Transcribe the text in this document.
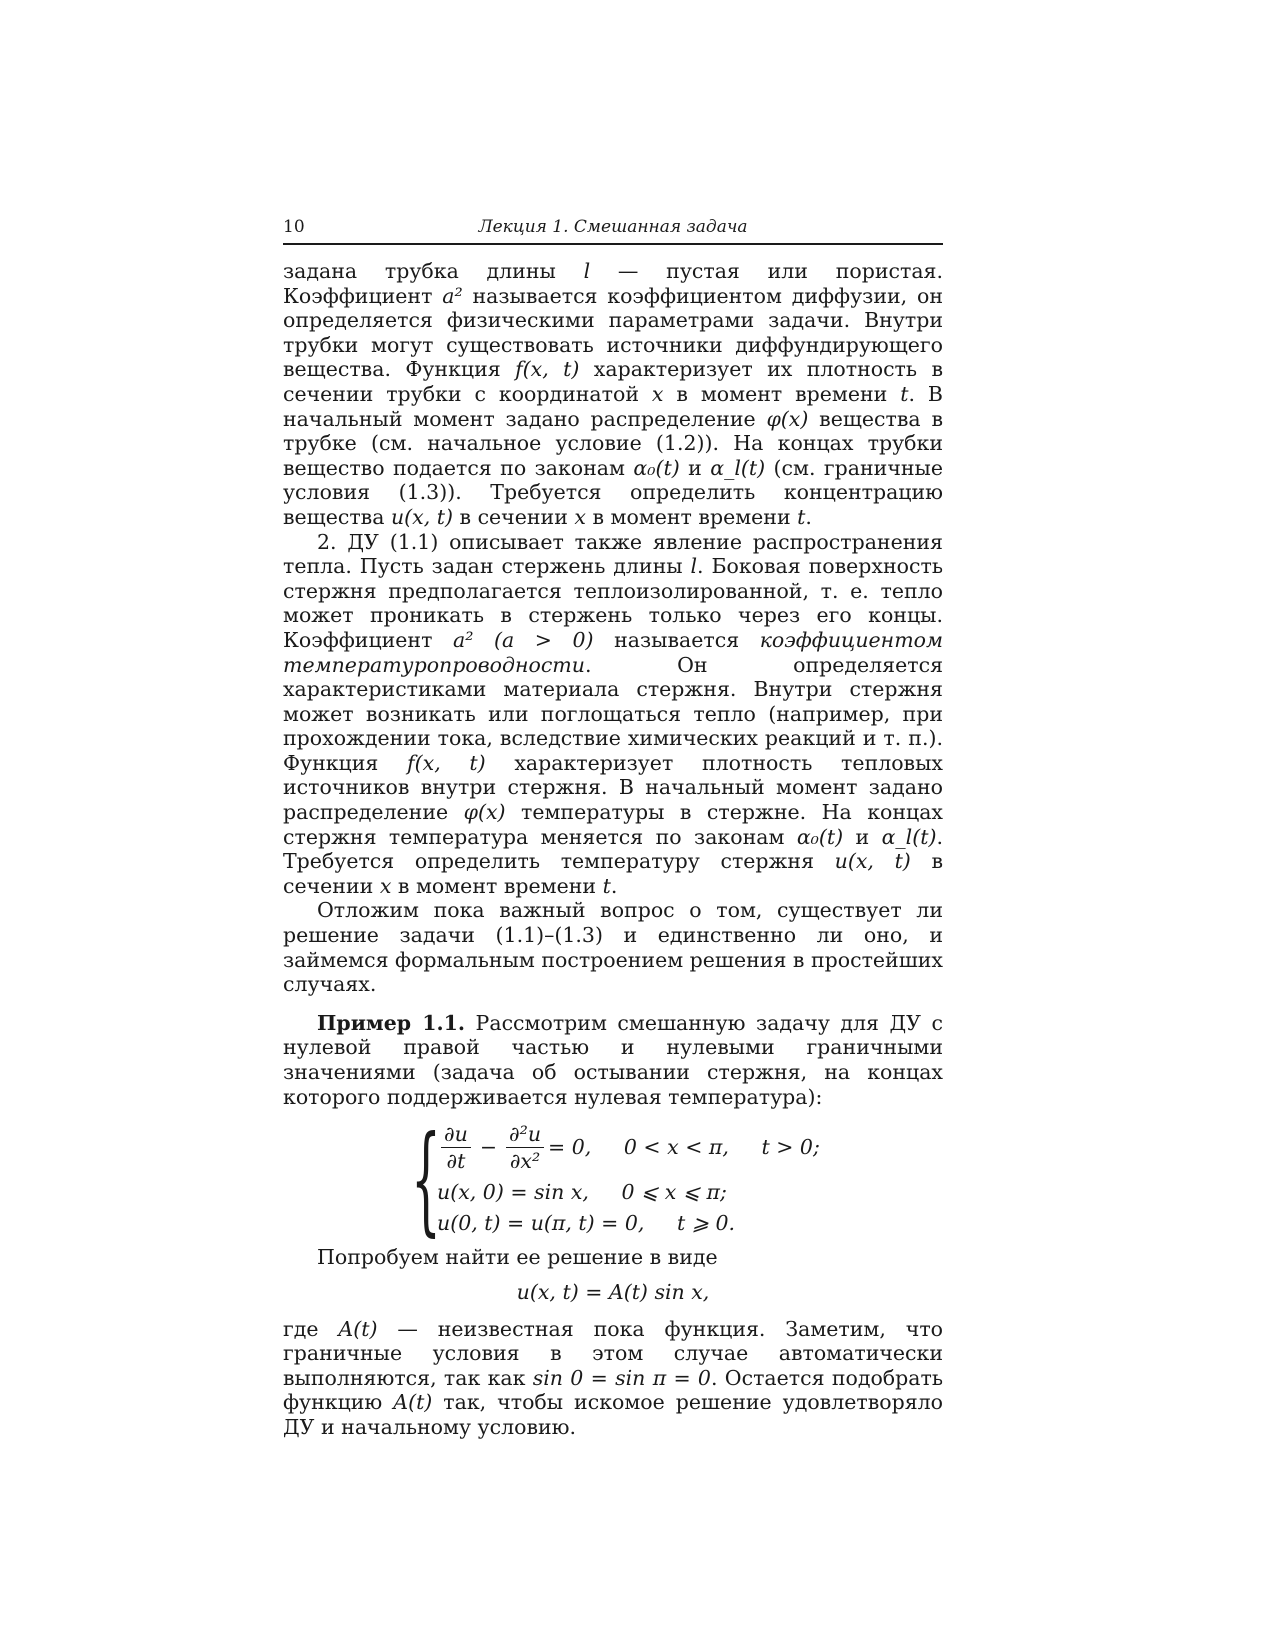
10	Лекция 1. Смешанная задача

задана трубка длины l — пустая или пористая. Коэффициент a² называется коэффициентом диффузии, он определяется физическими параметрами задачи. Внутри трубки могут существовать источники диффундирующего вещества. Функция f(x, t) характеризует их плотность в сечении трубки с координатой x в момент времени t. В начальный момент задано распределение φ(x) вещества в трубке (см. начальное условие (1.2)). На концах трубки вещество подается по законам α₀(t) и α_l(t) (см. граничные условия (1.3)). Требуется определить концентрацию вещества u(x, t) в сечении x в момент времени t.

2. ДУ (1.1) описывает также явление распространения тепла. Пусть задан стержень длины l. Боковая поверхность стержня предполагается теплоизолированной, т. е. тепло может проникать в стержень только через его концы. Коэффициент a² (a > 0) называется коэффициентом температуропроводности. Он определяется характеристиками материала стержня. Внутри стержня может возникать или поглощаться тепло (например, при прохождении тока, вследствие химических реакций и т. п.). Функция f(x, t) характеризует плотность тепловых источников внутри стержня. В начальный момент задано распределение φ(x) температуры в стержне. На концах стержня температура меняется по законам α₀(t) и α_l(t). Требуется определить температуру стержня u(x, t) в сечении x в момент времени t.

Отложим пока важный вопрос о том, существует ли решение задачи (1.1)–(1.3) и единственно ли оно, и займемся формальным построением решения в простейших случаях.

Пример 1.1. Рассмотрим смешанную задачу для ДУ с нулевой правой частью и нулевыми граничными значениями (задача об остывании стержня, на концах которого поддерживается нулевая температура):

{ $\frac{\partial u}{\partial t} - \frac{\text{∂²u}}{\text{∂x²}} = 0$,     0 < x < π,     t > 0;
u(x, 0) = sin x,     0 ⩽ x ⩽ π;
u(0, t) = u(π, t) = 0,     t ⩾ 0.

Попробуем найти ее решение в виде

u(x, t) = A(t) sin x,

где A(t) — неизвестная пока функция. Заметим, что граничные условия в этом случае автоматически выполняются, так как sin 0 = sin π = 0. Остается подобрать функцию A(t) так, чтобы искомое решение удовлетворяло ДУ и начальному условию.
